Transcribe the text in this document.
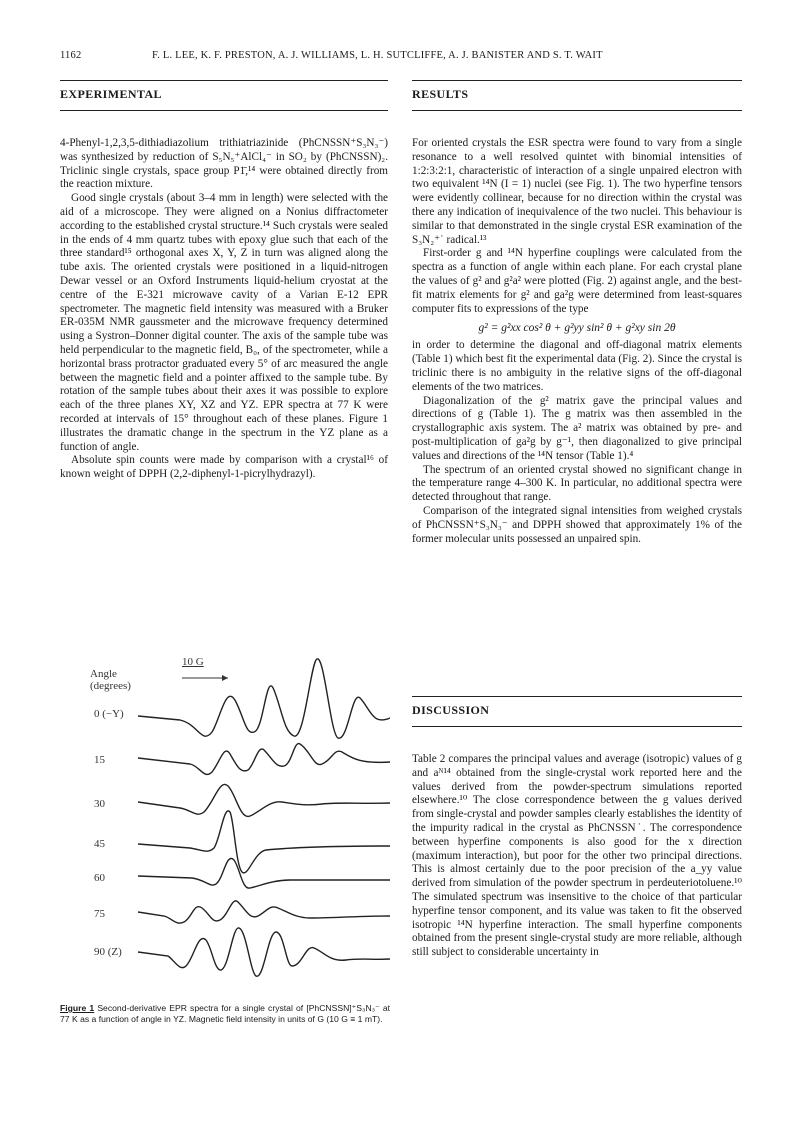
1162	F. L. LEE, K. F. PRESTON, A. J. WILLIAMS, L. H. SUTCLIFFE, A. J. BANISTER AND S. T. WAIT
EXPERIMENTAL

4-Phenyl-1,2,3,5-dithiadiazolium trithiatriazinide (PhCNSSN⁺S₃N₃⁻) was synthesized by reduction of S₅N₅⁺AlCl₄⁻ in SO₂ by (PhCNSSN)₂. Triclinic single crystals, space group P1̄,¹⁴ were obtained directly from the reaction mixture.

Good single crystals (about 3–4 mm in length) were selected with the aid of a microscope. They were aligned on a Nonius diffractometer according to the established crystal structure.¹⁴ Such crystals were sealed in the ends of 4 mm quartz tubes with epoxy glue such that each of the three standard¹⁵ orthogonal axes X, Y, Z in turn was aligned along the tube axis. The oriented crystals were positioned in a liquid-nitrogen Dewar vessel or an Oxford Instruments liquid-helium cryostat at the centre of the E-321 microwave cavity of a Varian E-12 EPR spectrometer. The magnetic field intensity was measured with a Bruker ER-035M NMR gaussmeter and the microwave frequency determined using a Systron–Donner digital counter. The axis of the sample tube was held perpendicular to the magnetic field, B₀, of the spectrometer, while a horizontal brass protractor graduated every 5° of arc measured the angle between the magnetic field and a pointer affixed to the sample tube. By rotation of the sample tubes about their axes it was possible to explore each of the three planes XY, XZ and YZ. EPR spectra at 77 K were recorded at intervals of 15° throughout each of these planes. Figure 1 illustrates the dramatic change in the spectrum in the YZ plane as a function of angle.

Absolute spin counts were made by comparison with a crystal¹⁶ of known weight of DPPH (2,2-diphenyl-1-picrylhydrazyl).

RESULTS

For oriented crystals the ESR spectra were found to vary from a single resonance to a well resolved quintet with binomial intensities of 1:2:3:2:1, characteristic of interaction of a single unpaired electron with two equivalent ¹⁴N (I = 1) nuclei (see Fig. 1). The two hyperfine tensors were evidently collinear, because for no direction within the crystal was there any indication of inequivalence of the two nuclei. This behaviour is similar to that demonstrated in the single crystal ESR examination of the S₃N₂⁺˙ radical.¹³

First-order g and ¹⁴N hyperfine couplings were calculated from the spectra as a function of angle within each plane. For each crystal plane the values of g² and g²a² were plotted (Fig. 2) against angle, and the best-fit matrix elements for g² and ga²g were determined from least-squares computer fits to expressions of the type

g² = g²xx cos² θ + g²yy sin² θ + g²xy sin 2θ

in order to determine the diagonal and off-diagonal matrix elements (Table 1) which best fit the experimental data (Fig. 2). Since the crystal is triclinic there is no ambiguity in the relative signs of the off-diagonal elements of the two matrices.

Diagonalization of the g² matrix gave the principal values and directions of g (Table 1). The g matrix was then assembled in the crystallographic axis system. The a² matrix was obtained by pre- and post-multiplication of ga²g by g⁻¹, then diagonalized to give principal values and directions of the ¹⁴N tensor (Table 1).⁴

The spectrum of an oriented crystal showed no significant change in the temperature range 4–300 K. In particular, no additional spectra were detected throughout that range.

Comparison of the integrated signal intensities from weighed crystals of PhCNSSN⁺S₃N₃⁻ and DPPH showed that approximately 1% of the former molecular units possessed an unpaired spin.

DISCUSSION

Table 2 compares the principal values and average (isotropic) values of g and aᴺ¹⁴ obtained from the single-crystal work reported here and the values derived from the powder-spectrum simulations reported elsewhere.¹⁰ The close correspondence between the g values derived from single-crystal and powder samples clearly establishes the identity of the impurity radical in the crystal as PhCNSSN˙. The correspondence between hyperfine components is also good for the x direction (maximum interaction), but poor for the other two principal directions. This is almost certainly due to the poor precision of the a_yy value derived from simulation of the powder spectrum in perdeuteriotoluene.¹⁰ The simulated spectrum was insensitive to the choice of that particular hyperfine tensor component, and its value was taken to fit the observed isotropic ¹⁴N hyperfine interaction. The small hyperfine components obtained from the present single-crystal study are more reliable, although still subject to considerable uncertainty in

10 G
Angle
(degrees)
0 (−Y)
15
30
45
60
75
90 (Z)
Figure 1 Second-derivative EPR spectra for a single crystal of [PhCNSSN]⁺S₃N₃⁻ at 77 K as a function of angle in YZ. Magnetic field intensity in units of G (10 G ≡ 1 mT).
